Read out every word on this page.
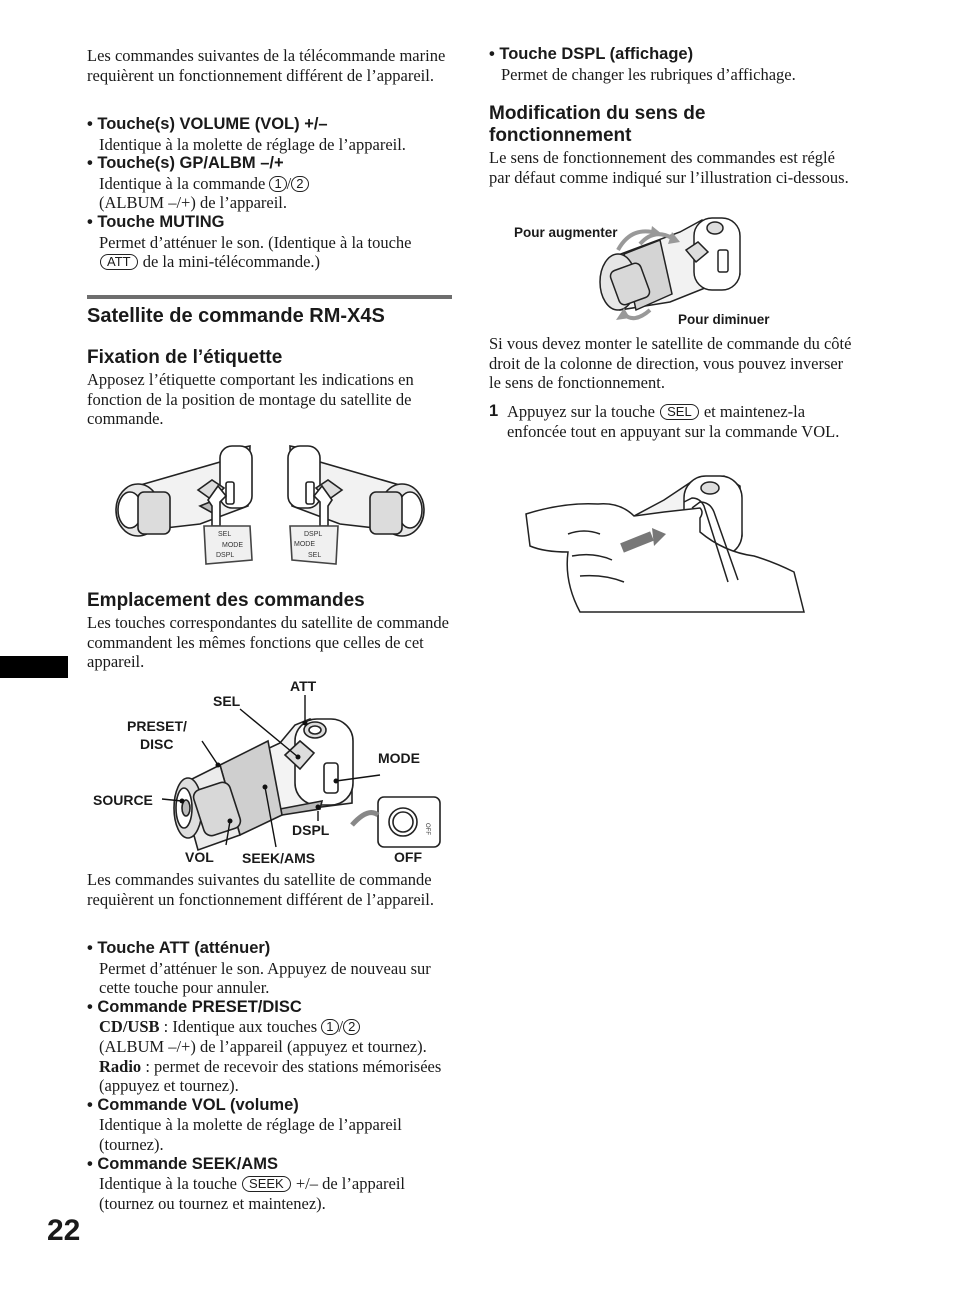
22

Les commandes suivantes de la télécommande marine requièrent un fonctionnement différent de l’appareil.

• Touche(s) VOLUME (VOL) +/–

Identique à la molette de réglage de l’appareil.

• Touche(s) GP/ALBM –/+

Identique à la commande 1 / 2
(ALBUM –/+) de l’appareil.

• Touche MUTING

Permet d’atténuer le son. (Identique à la touche
ATT de la mini-télécommande.)

Satellite de commande RM-X4S

Fixation de l’étiquette

Apposez l’étiquette comportant les indications en fonction de la position de montage du satellite de commande.

SEL
MODE
DSPL
DSPL
MODE
SEL

Emplacement des commandes

Les touches correspondantes du satellite de commande commandent les mêmes fonctions que celles de cet appareil.

OFF
ATT
SEL
PRESET/
DISC
MODE
SOURCE
DSPL
VOL SEEK/AMS	OFF

Les commandes suivantes du satellite de commande requièrent un fonctionnement différent de l’appareil.

• Touche ATT (atténuer)

Permet d’atténuer le son. Appuyez de nouveau sur cette touche pour annuler.

• Commande PRESET/DISC

CD/USB : Identique aux touches 1 / 2
(ALBUM –/+) de l’appareil (appuyez et tournez).

Radio : permet de recevoir des stations mémorisées (appuyez et tournez).

• Commande VOL (volume)

Identique à la molette de réglage de l’appareil (tournez).

• Commande SEEK/AMS

Identique à la touche SEEK +/– de l’appareil (tournez ou tournez et maintenez).

• Touche DSPL (affichage)

Permet de changer les rubriques d’affichage.

Modification du sens de fonctionnement

Le sens de fonctionnement des commandes est réglé par défaut comme indiqué sur l’illustration ci-dessous.

Pour augmenter
Pour diminuer

Si vous devez monter le satellite de commande du côté droit de la colonne de direction, vous pouvez inverser le sens de fonctionnement.

1 Appuyez sur la touche SEL et maintenez-la enfoncée tout en appuyant sur la commande VOL.
